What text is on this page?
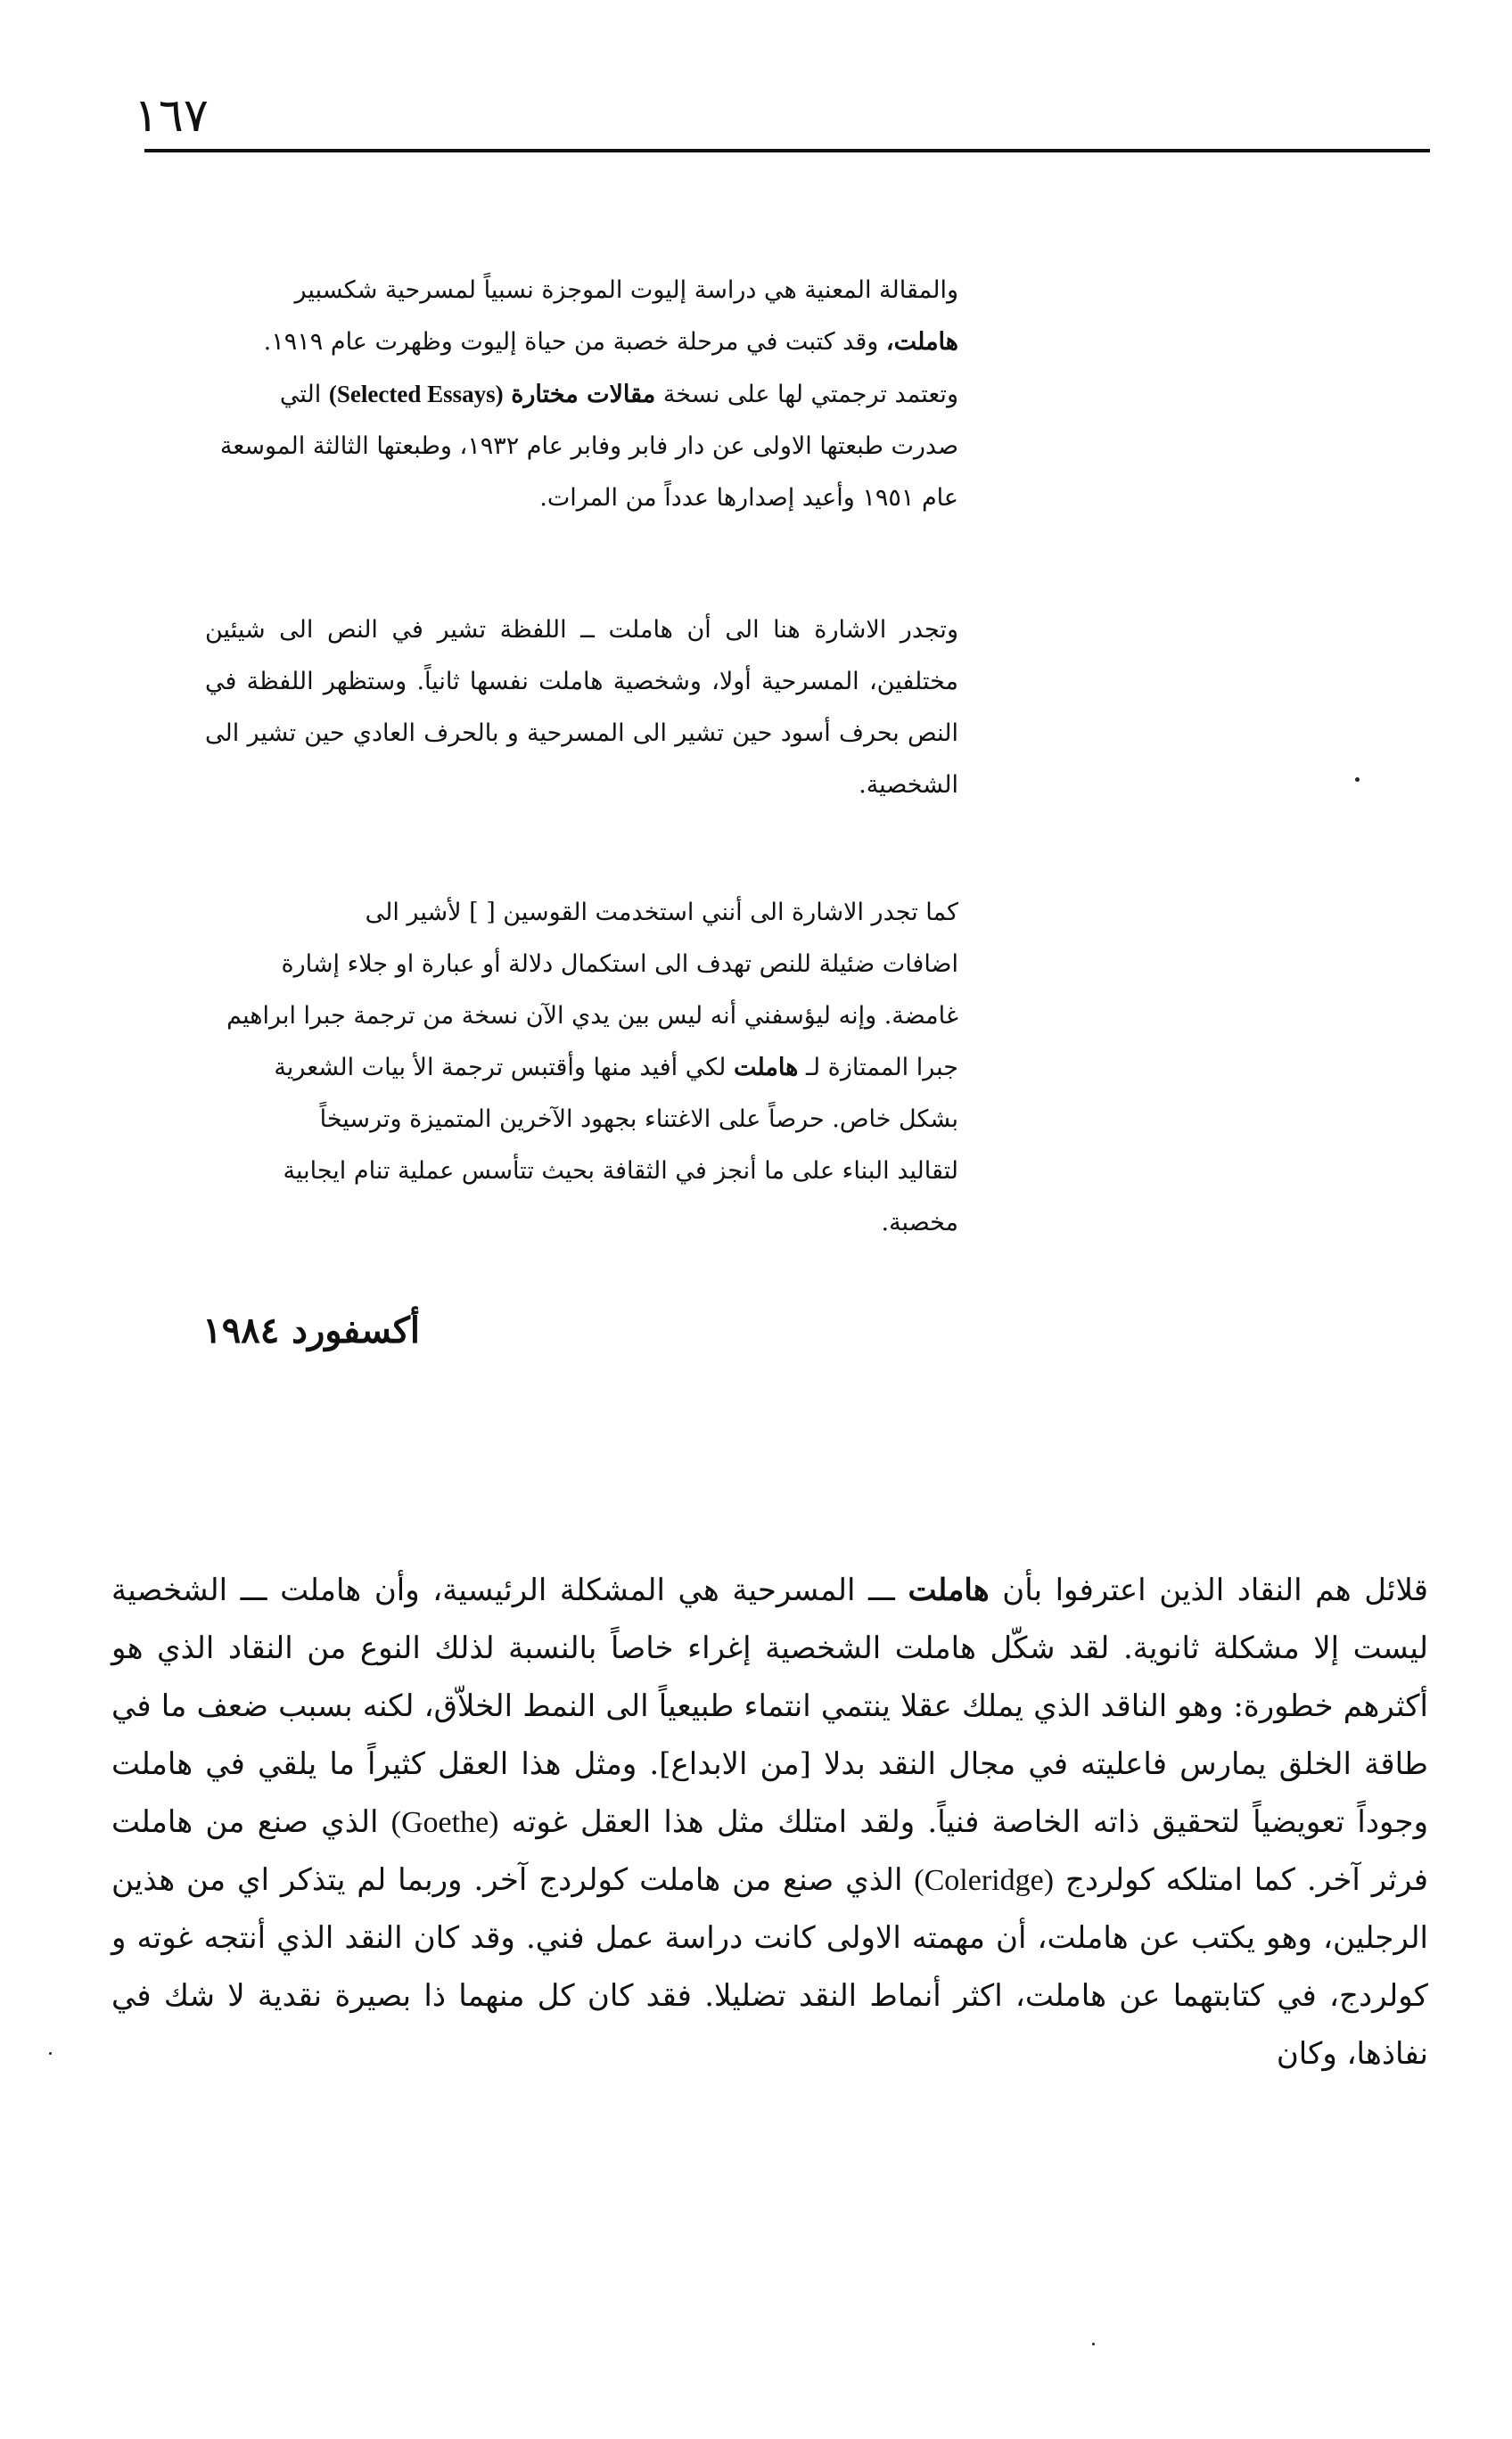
١٦٧

والمقالة المعنية هي دراسة إليوت الموجزة نسبياً لمسرحية شكسبير

هاملت، وقد كتبت في مرحلة خصبة من حياة إليوت وظهرت عام ١٩١٩.

وتعتمد ترجمتي لها على نسخة مقالات مختارة (Selected Essays) التي

صدرت طبعتها الاولى عن دار فابر وفابر عام ١٩٣٢، وطبعتها الثالثة الموسعة

عام ١٩٥١ وأعيد إصدارها عدداً من المرات.

وتجدر الاشارة هنا الى أن هاملت ــ اللفظة تشير في النص الى شيئين مختلفين، المسرحية أولا، وشخصية هاملت نفسها ثانياً. وستظهر اللفظة في النص بحرف أسود حين تشير الى المسرحية و بالحرف العادي حين تشير الى الشخصية.

كما تجدر الاشارة الى أنني استخدمت القوسين [ ] لأشير الى

اضافات ضئيلة للنص تهدف الى استكمال دلالة أو عبارة او جلاء إشارة

غامضة. وإنه ليؤسفني أنه ليس بين يدي الآن نسخة من ترجمة جبرا ابراهيم

جبرا الممتازة لـ هاملت لكي أفيد منها وأقتبس ترجمة الأ بيات الشعرية

بشكل خاص. حرصاً على الاغتناء بجهود الآخرين المتميزة وترسيخاً

لتقاليد البناء على ما أنجز في الثقافة بحيث تتأسس عملية تنام ايجابية

مخصبة.

أكسفورد ١٩٨٤

قلائل هم النقاد الذين اعترفوا بأن هاملت ـــ المسرحية هي المشكلة الرئيسية، وأن هاملت ـــ الشخصية ليست إلا مشكلة ثانوية. لقد شكّل هاملت الشخصية إغراء خاصاً بالنسبة لذلك النوع من النقاد الذي هو أكثرهم خطورة: وهو الناقد الذي يملك عقلا ينتمي انتماء طبيعياً الى النمط الخلاّق، لكنه بسبب ضعف ما في طاقة الخلق يمارس فاعليته في مجال النقد بدلا [من الابداع]. ومثل هذا العقل كثيراً ما يلقي في هاملت وجوداً تعويضياً لتحقيق ذاته الخاصة فنياً. ولقد امتلك مثل هذا العقل غوته (Goethe) الذي صنع من هاملت فرثر آخر. كما امتلكه كولردج (Coleridge) الذي صنع من هاملت كولردج آخر. وربما لم يتذكر اي من هذين الرجلين، وهو يكتب عن هاملت، أن مهمته الاولى كانت دراسة عمل فني. وقد كان النقد الذي أنتجه غوته و كولردج، في كتابتهما عن هاملت، اكثر أنماط النقد تضليلا. فقد كان كل منهما ذا بصيرة نقدية لا شك في نفاذها، وكان
